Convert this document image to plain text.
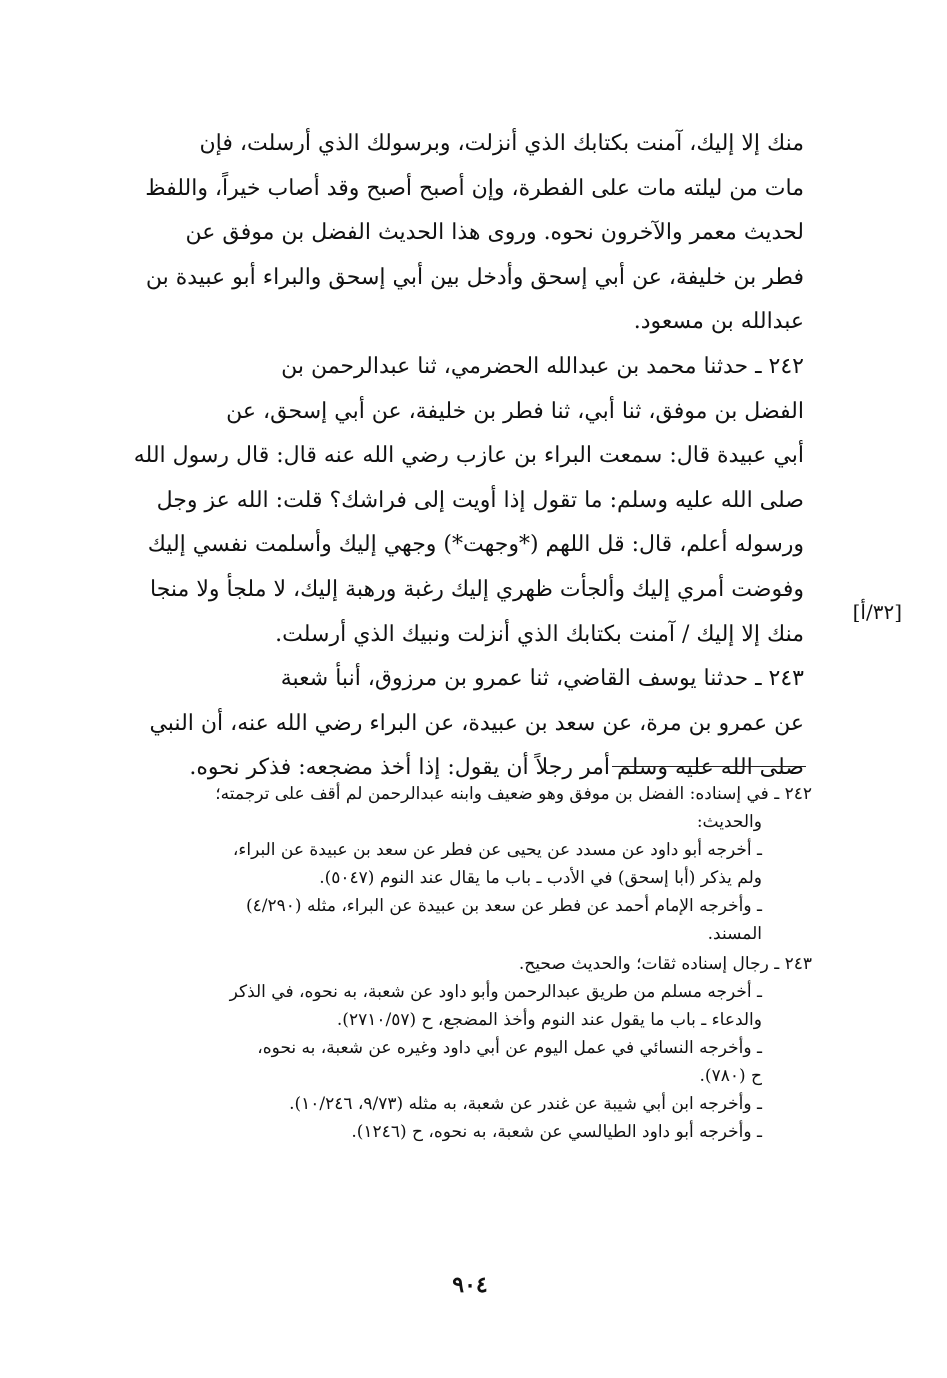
منك إلا إليك، آمنت بكتابك الذي أنزلت، وبرسولك الذي أرسلت، فإن
مات من ليلته مات على الفطرة، وإن أصبح أصبح وقد أصاب خيراً، واللفظ
لحديث معمر والآخرون نحوه. وروى هذا الحديث الفضل بن موفق عن
فطر بن خليفة، عن أبي إسحق وأدخل بين أبي إسحق والبراء أبو عبيدة بن
عبدالله بن مسعود.
٢٤٢ ـ حدثنا محمد بن عبدالله الحضرمي، ثنا عبدالرحمن بن
الفضل بن موفق، ثنا أبي، ثنا فطر بن خليفة، عن أبي إسحق، عن
أبي عبيدة قال: سمعت البراء بن عازب رضي الله عنه قال: قال رسول الله
صلى الله عليه وسلم: ما تقول إذا أويت إلى فراشك؟ قلت: الله عز وجل
ورسوله أعلم، قال: قل اللهم (*وجهت*) وجهي إليك وأسلمت نفسي إليك
وفوضت أمري إليك وألجأت ظهري إليك رغبة ورهبة إليك، لا ملجأ ولا منجا
منك إلا إليك / آمنت بكتابك الذي أنزلت ونبيك الذي أرسلت.
٢٤٣ ـ حدثنا يوسف القاضي، ثنا عمرو بن مرزوق، أنبأ شعبة
عن عمرو بن مرة، عن سعد بن عبيدة، عن البراء رضي الله عنه، أن النبي
صلى الله عليه وسلم أمر رجلاً أن يقول: إذا أخذ مضجعه: فذكر نحوه.
[٣٢/أ]
٢٤٢ ـ في إسناده: الفضل بن موفق وهو ضعيف وابنه عبدالرحمن لم أقف على ترجمته؛
والحديث:
ـ أخرجه أبو داود عن مسدد عن يحيى عن فطر عن سعد بن عبيدة عن البراء،
ولم يذكر (أبا إسحق) في الأدب ـ باب ما يقال عند النوم (٥٠٤٧).
ـ وأخرجه الإمام أحمد عن فطر عن سعد بن عبيدة عن البراء، مثله (٤/٢٩٠)
المسند.
٢٤٣ ـ رجال إسناده ثقات؛ والحديث صحيح.
ـ أخرجه مسلم من طريق عبدالرحمن وأبو داود عن شعبة، به نحوه، في الذكر
والدعاء ـ باب ما يقول عند النوم وأخذ المضجع، ح (٢٧١٠/٥٧).
ـ وأخرجه النسائي في عمل اليوم عن أبي داود وغيره عن شعبة، به نحوه،
ح (٧٨٠).
ـ وأخرجه ابن أبي شيبة عن غندر عن شعبة، به مثله (٩/٧٣، ١٠/٢٤٦).
ـ وأخرجه أبو داود الطيالسي عن شعبة، به نحوه، ح (١٢٤٦).
٩٠٤
